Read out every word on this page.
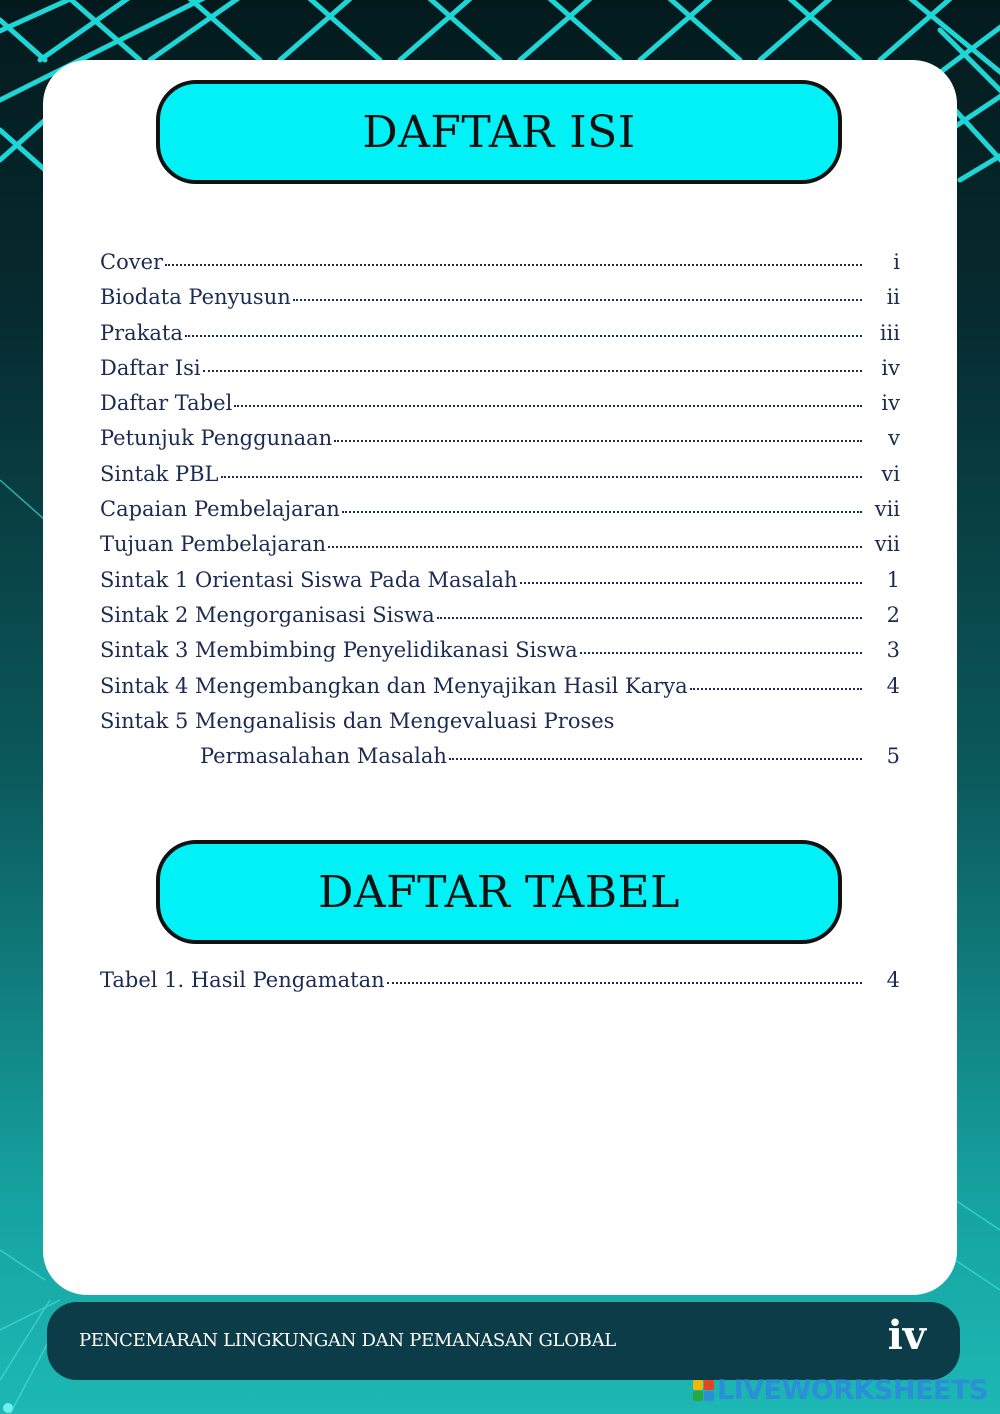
DAFTAR ISI
Cover	i
Biodata Penyusun	ii
Prakata	iii
Daftar Isi	iv
Daftar Tabel	iv
Petunjuk Penggunaan	v
Sintak PBL	vi
Capaian Pembelajaran	vii
Tujuan Pembelajaran	vii
Sintak 1 Orientasi Siswa Pada Masalah	1
Sintak 2 Mengorganisasi Siswa	2
Sintak 3 Membimbing Penyelidikanasi Siswa	3
Sintak 4 Mengembangkan dan Menyajikan Hasil Karya	4
Sintak 5 Menganalisis dan Mengevaluasi Proses
Permasalahan Masalah	5
DAFTAR TABEL
Tabel 1. Hasil Pengamatan	4
PENCEMARAN LINGKUNGAN DAN PEMANASAN GLOBAL	iv
LIVEWORKSHEETS
